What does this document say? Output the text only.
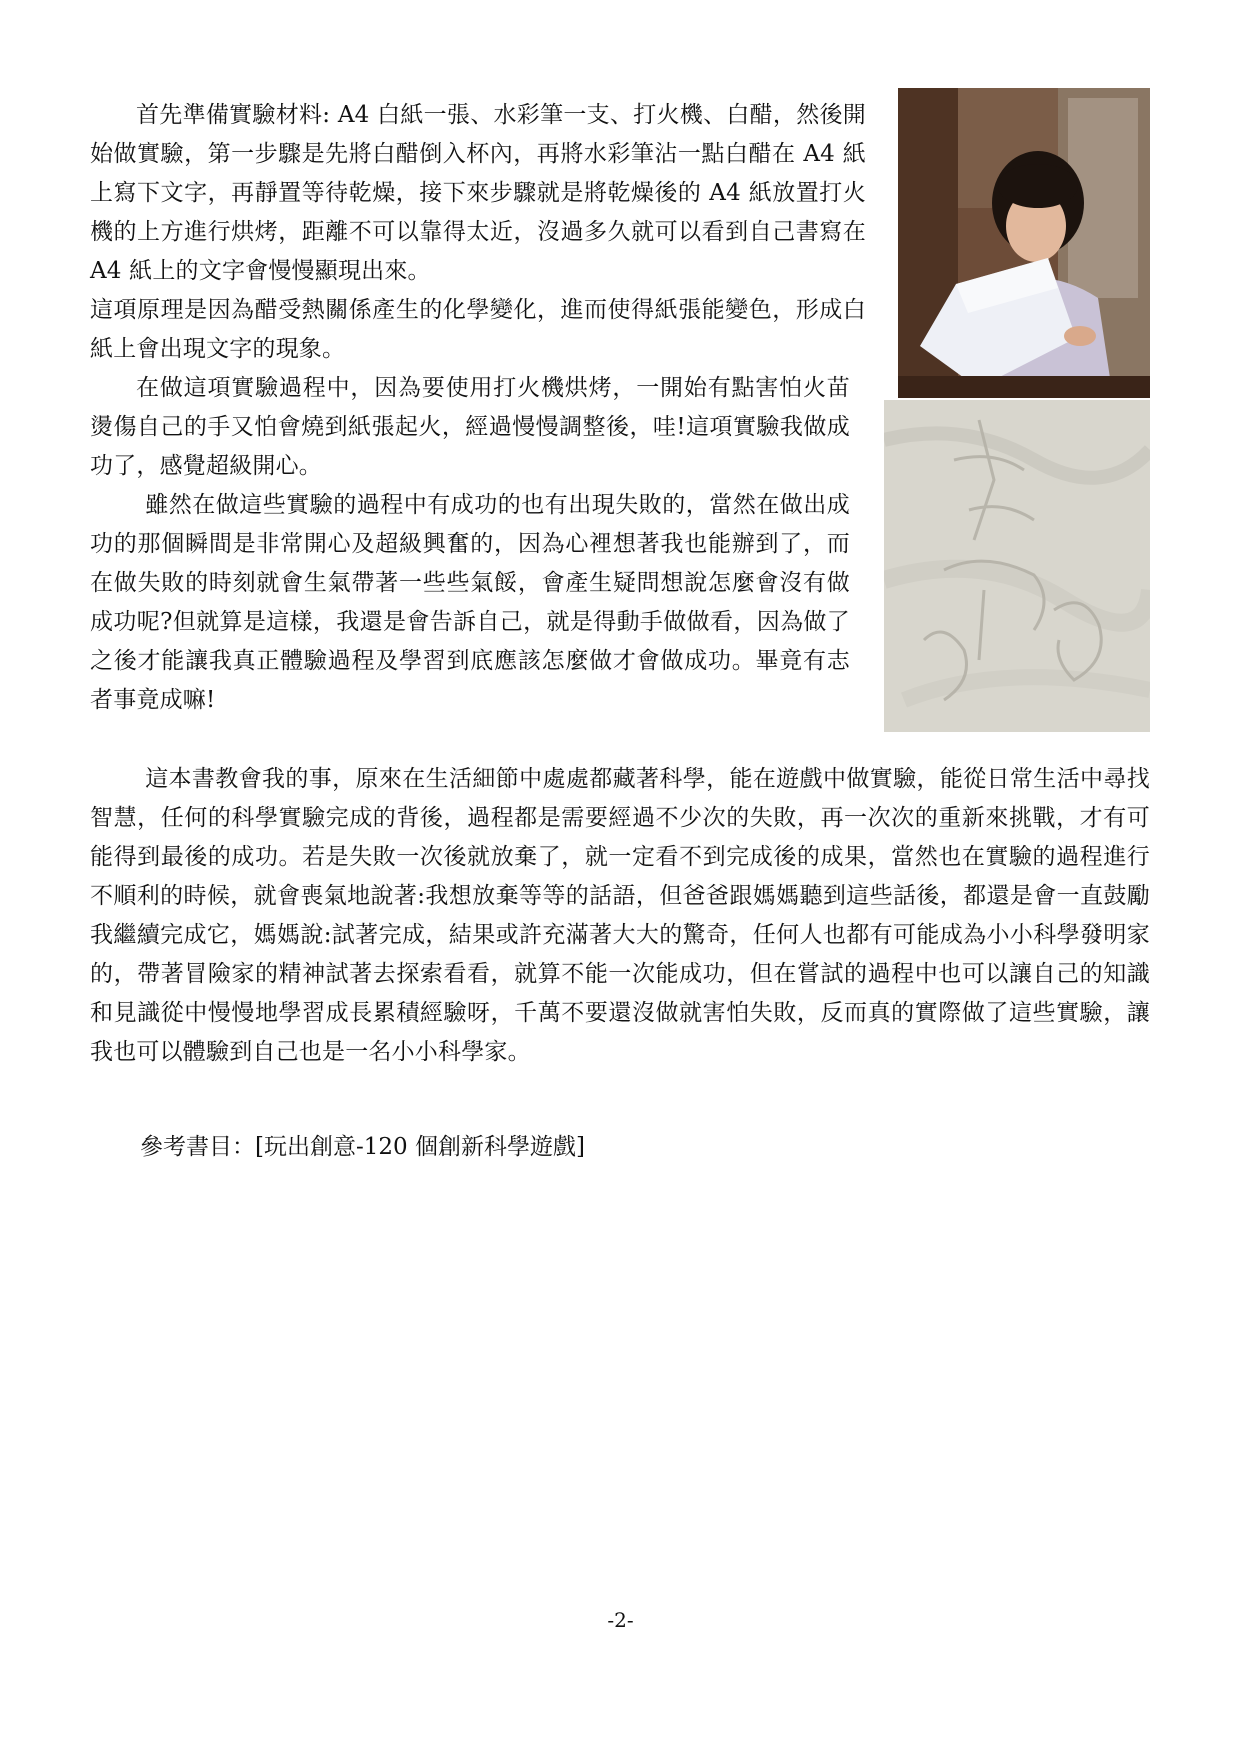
首先準備實驗材料: A4 白紙一張、水彩筆一支、打火機、白醋，然後開始做實驗，第一步驟是先將白醋倒入杯內，再將水彩筆沾一點白醋在 A4 紙上寫下文字，再靜置等待乾燥，接下來步驟就是將乾燥後的 A4 紙放置打火機的上方進行烘烤，距離不可以靠得太近，沒過多久就可以看到自己書寫在 A4 紙上的文字會慢慢顯現出來。

這項原理是因為醋受熱關係產生的化學變化，進而使得紙張能變色，形成白紙上會出現文字的現象。

在做這項實驗過程中，因為要使用打火機烘烤，一開始有點害怕火苗燙傷自己的手又怕會燒到紙張起火，經過慢慢調整後，哇!這項實驗我做成功了，感覺超級開心。

雖然在做這些實驗的過程中有成功的也有出現失敗的，當然在做出成功的那個瞬間是非常開心及超級興奮的，因為心裡想著我也能辦到了，而在做失敗的時刻就會生氣帶著一些些氣餒，會產生疑問想說怎麼會沒有做成功呢?但就算是這樣，我還是會告訴自己，就是得動手做做看，因為做了之後才能讓我真正體驗過程及學習到底應該怎麼做才會做成功。畢竟有志者事竟成嘛!

這本書教會我的事，原來在生活細節中處處都藏著科學，能在遊戲中做實驗，能從日常生活中尋找智慧，任何的科學實驗完成的背後，過程都是需要經過不少次的失敗，再一次次的重新來挑戰，才有可能得到最後的成功。若是失敗一次後就放棄了，就一定看不到完成後的成果，當然也在實驗的過程進行不順利的時候，就會喪氣地說著:我想放棄等等的話語，但爸爸跟媽媽聽到這些話後，都還是會一直鼓勵我繼續完成它，媽媽說:試著完成，結果或許充滿著大大的驚奇，任何人也都有可能成為小小科學發明家的，帶著冒險家的精神試著去探索看看，就算不能一次能成功，但在嘗試的過程中也可以讓自己的知識和見識從中慢慢地學習成長累積經驗呀，千萬不要還沒做就害怕失敗，反而真的實際做了這些實驗，讓我也可以體驗到自己也是一名小小科學家。

參考書目：[玩出創意-120 個創新科學遊戲]
-2-
